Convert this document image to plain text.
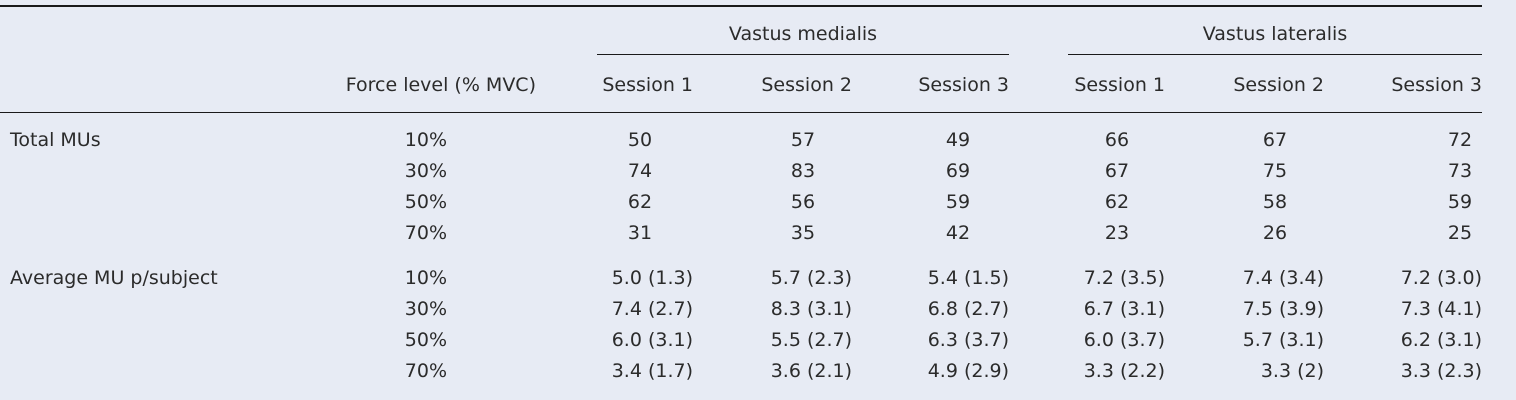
Vastus medialis	Vastus lateralis
Force level (% MVC)	Session 1	Session 2	Session 3	Session 1	Session 2	Session 3
Total MUs	10%	50	57	49	66	67	72
30%	74	83	69	67	75	73
50%	62	56	59	62	58	59
70%	31	35	42	23	26	25
Average MU p/subject	10%	5.0 (1.3)	5.7 (2.3)	5.4 (1.5)	7.2 (3.5)	7.4 (3.4)	7.2 (3.0)
30%	7.4 (2.7)	8.3 (3.1)	6.8 (2.7)	6.7 (3.1)	7.5 (3.9)	7.3 (4.1)
50%	6.0 (3.1)	5.5 (2.7)	6.3 (3.7)	6.0 (3.7)	5.7 (3.1)	6.2 (3.1)
70%	3.4 (1.7)	3.6 (2.1)	4.9 (2.9)	3.3 (2.2)	3.3 (2)	3.3 (2.3)
